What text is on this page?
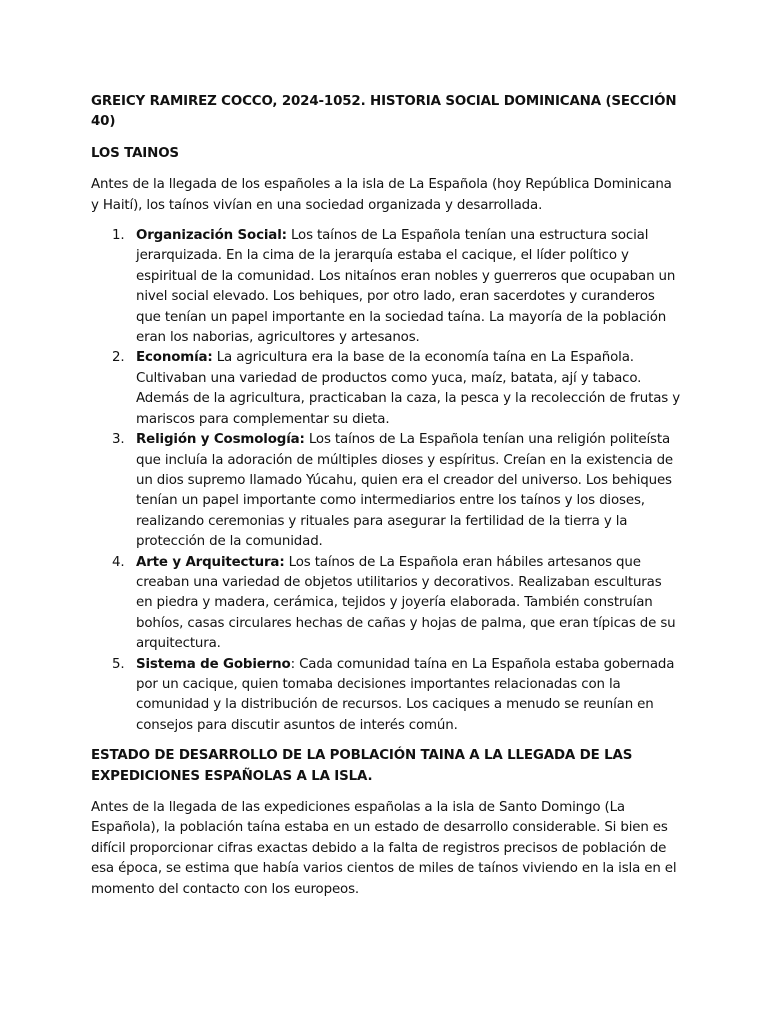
GREICY RAMIREZ COCCO, 2024-1052. HISTORIA SOCIAL DOMINICANA (SECCIÓN 40)

LOS TAINOS

Antes de la llegada de los españoles a la isla de La Española (hoy República Dominicana y Haití), los taínos vivían en una sociedad organizada y desarrollada.

1. Organización Social: Los taínos de La Española tenían una estructura social jerarquizada. En la cima de la jerarquía estaba el cacique, el líder político y espiritual de la comunidad. Los nitaínos eran nobles y guerreros que ocupaban un nivel social elevado. Los behiques, por otro lado, eran sacerdotes y curanderos que tenían un papel importante en la sociedad taína. La mayoría de la población eran los naborias, agricultores y artesanos.
2. Economía: La agricultura era la base de la economía taína en La Española. Cultivaban una variedad de productos como yuca, maíz, batata, ají y tabaco. Además de la agricultura, practicaban la caza, la pesca y la recolección de frutas y mariscos para complementar su dieta.
3. Religión y Cosmología: Los taínos de La Española tenían una religión politeísta que incluía la adoración de múltiples dioses y espíritus. Creían en la existencia de un dios supremo llamado Yúcahu, quien era el creador del universo. Los behiques tenían un papel importante como intermediarios entre los taínos y los dioses, realizando ceremonias y rituales para asegurar la fertilidad de la tierra y la protección de la comunidad.
4. Arte y Arquitectura: Los taínos de La Española eran hábiles artesanos que creaban una variedad de objetos utilitarios y decorativos. Realizaban esculturas en piedra y madera, cerámica, tejidos y joyería elaborada. También construían bohíos, casas circulares hechas de cañas y hojas de palma, que eran típicas de su arquitectura.
5. Sistema de Gobierno: Cada comunidad taína en La Española estaba gobernada por un cacique, quien tomaba decisiones importantes relacionadas con la comunidad y la distribución de recursos. Los caciques a menudo se reunían en consejos para discutir asuntos de interés común.

ESTADO DE DESARROLLO DE LA POBLACIÓN TAINA A LA LLEGADA DE LAS EXPEDICIONES ESPAÑOLAS A LA ISLA.

Antes de la llegada de las expediciones españolas a la isla de Santo Domingo (La Española), la población taína estaba en un estado de desarrollo considerable. Si bien es difícil proporcionar cifras exactas debido a la falta de registros precisos de población de esa época, se estima que había varios cientos de miles de taínos viviendo en la isla en el momento del contacto con los europeos.
